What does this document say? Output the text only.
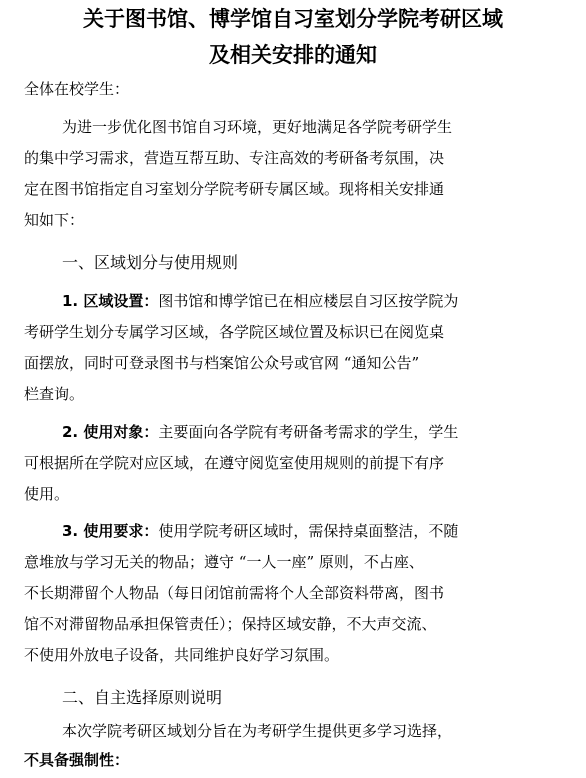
关于图书馆、博学馆自习室划分学院考研区域
及相关安排的通知
全体在校学生：
为进一步优化图书馆自习环境，更好地满足各学院考研学生
的集中学习需求，营造互帮互助、专注高效的考研备考氛围，决
定在图书馆指定自习室划分学院考研专属区域。现将相关安排通
知如下：
一、区域划分与使用规则
1. 区域设置：图书馆和博学馆已在相应楼层自习区按学院为
考研学生划分专属学习区域，各学院区域位置及标识已在阅览桌
面摆放，同时可登录图书与档案馆公众号或官网 “通知公告”
栏查询。
2. 使用对象：主要面向各学院有考研备考需求的学生，学生
可根据所在学院对应区域，在遵守阅览室使用规则的前提下有序
使用。
3. 使用要求：使用学院考研区域时，需保持桌面整洁，不随
意堆放与学习无关的物品；遵守 “一人一座” 原则，不占座、
不长期滞留个人物品（每日闭馆前需将个人全部资料带离，图书
馆不对滞留物品承担保管责任）；保持区域安静，不大声交流、
不使用外放电子设备，共同维护良好学习氛围。
二、自主选择原则说明
本次学院考研区域划分旨在为考研学生提供更多学习选择，
不具备强制性：
